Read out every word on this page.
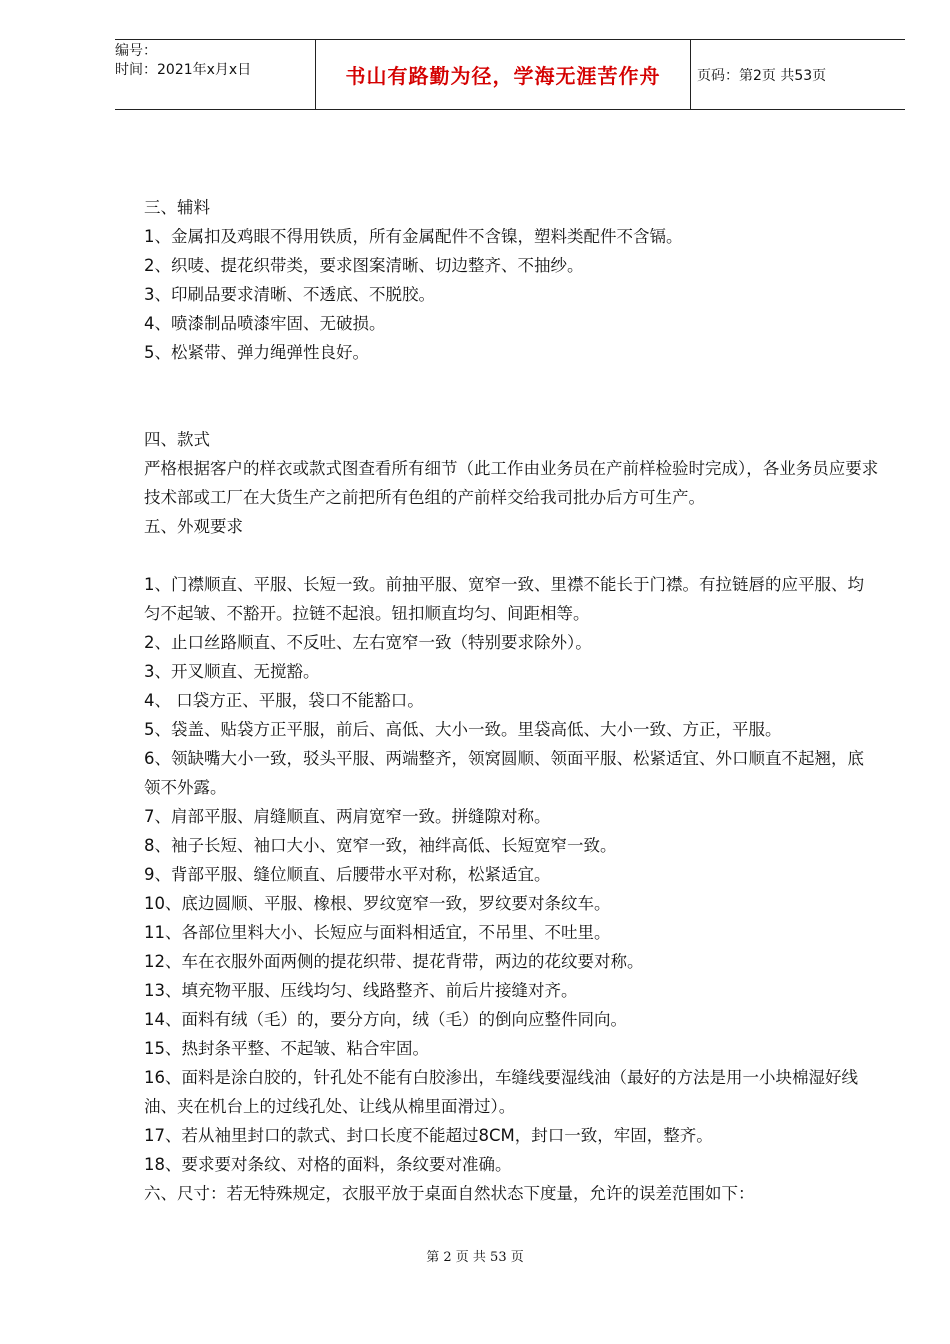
编号：
时间：2021年x月x日	书山有路勤为径，学海无涯苦作舟	页码：第2页 共53页

三、辅料

1、金属扣及鸡眼不得用铁质，所有金属配件不含镍，塑料类配件不含镉。

2、织唛、提花织带类，要求图案清晰、切边整齐、不抽纱。

3、印刷品要求清晰、不透底、不脱胶。

4、喷漆制品喷漆牢固、无破损。

5、松紧带、弹力绳弹性良好。

四、款式

严格根据客户的样衣或款式图查看所有细节（此工作由业务员在产前样检验时完成），各业务员应要求技术部或工厂在大货生产之前把所有色组的产前样交给我司批办后方可生产。

五、外观要求

1、门襟顺直、平服、长短一致。前抽平服、宽窄一致、里襟不能长于门襟。有拉链唇的应平服、均匀不起皱、不豁开。拉链不起浪。钮扣顺直均匀、间距相等。

2、止口丝路顺直、不反吐、左右宽窄一致（特别要求除外）。

3、开叉顺直、无搅豁。

4、 口袋方正、平服，袋口不能豁口。

5、袋盖、贴袋方正平服，前后、高低、大小一致。里袋高低、大小一致、方正，平服。

6、领缺嘴大小一致，驳头平服、两端整齐，领窝圆顺、领面平服、松紧适宜、外口顺直不起翘，底领不外露。

7、肩部平服、肩缝顺直、两肩宽窄一致。拼缝隙对称。

8、袖子长短、袖口大小、宽窄一致，袖绊高低、长短宽窄一致。

9、背部平服、缝位顺直、后腰带水平对称，松紧适宜。

10、底边圆顺、平服、橡根、罗纹宽窄一致，罗纹要对条纹车。

11、各部位里料大小、长短应与面料相适宜，不吊里、不吐里。

12、车在衣服外面两侧的提花织带、提花背带，两边的花纹要对称。

13、填充物平服、压线均匀、线路整齐、前后片接缝对齐。

14、面料有绒（毛）的，要分方向，绒（毛）的倒向应整件同向。

15、热封条平整、不起皱、粘合牢固。

16、面料是涂白胶的，针孔处不能有白胶渗出，车缝线要湿线油（最好的方法是用一小块棉湿好线油、夹在机台上的过线孔处、让线从棉里面滑过）。

17、若从袖里封口的款式、封口长度不能超过8CM，封口一致，牢固，整齐。

18、要求要对条纹、对格的面料，条纹要对准确。

六、尺寸：若无特殊规定，衣服平放于桌面自然状态下度量，允许的误差范围如下：

第 2 页 共 53 页
